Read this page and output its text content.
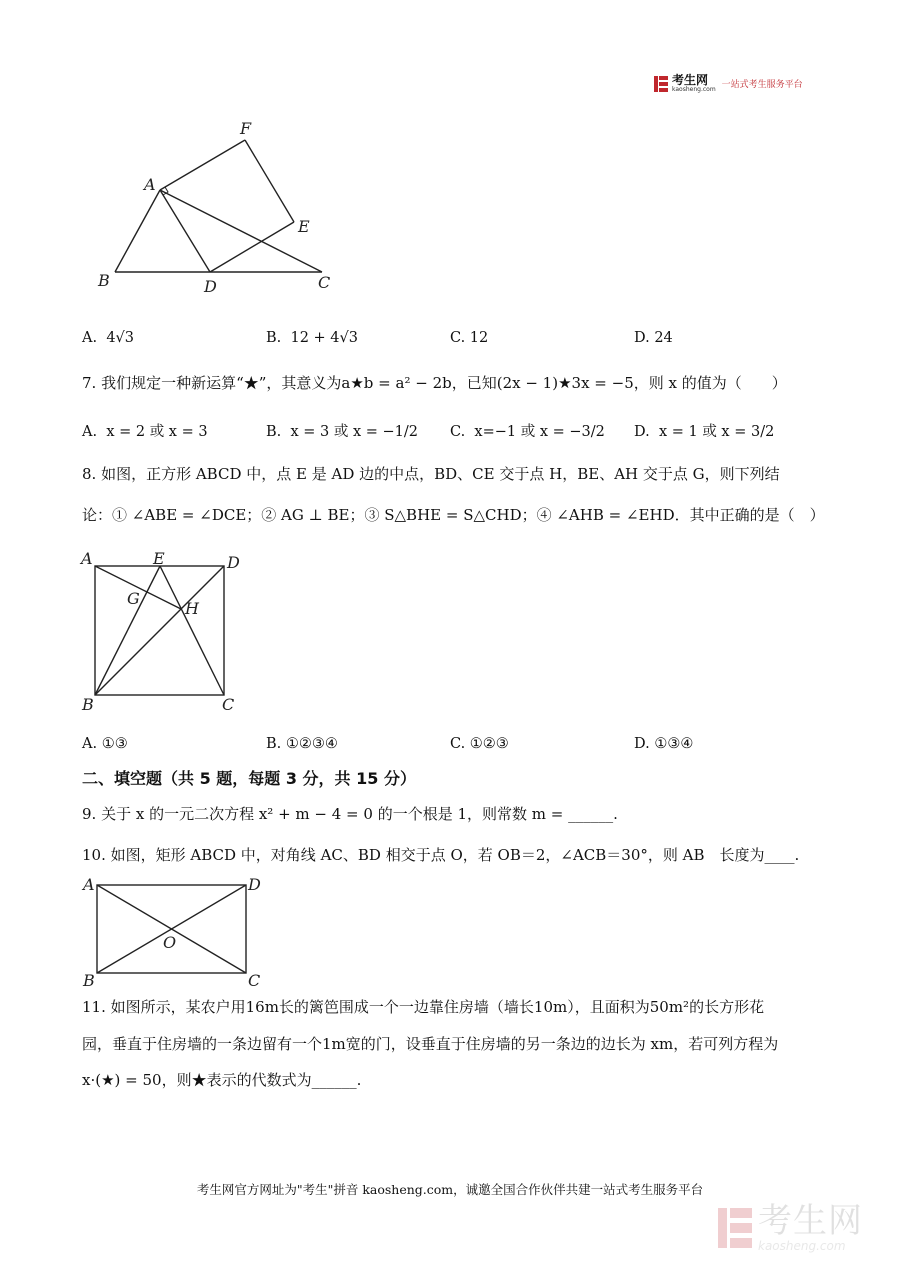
考生网
kaosheng.com 一站式考生服务平台
F
A
E
B	D	C
A. 4√3	B. 12 + 4√3	C. 12	D. 24
7. 我们规定一种新运算“★”，其意义为a★b = a² − 2b，已知(2x − 1)★3x = −5，则 x 的值为（　　）
A. x = 2 或 x = 3	B. x = 3 或 x = −1/2 C. x=−1 或 x = −3/2 D. x = 1 或 x = 3/2
8. 如图，正方形 ABCD 中，点 E 是 AD 边的中点，BD、CE 交于点 H，BE、AH 交于点 G，则下列结
论：① ∠ABE = ∠DCE；② AG ⊥ BE；③ S△BHE = S△CHD；④ ∠AHB = ∠EHD．其中正确的是（　）
A	E	D
G
H
B	C
A. ①③	B. ①②③④	C. ①②③	D. ①③④
二、填空题（共 5 题，每题 3 分，共 15 分）
9. 关于 x 的一元二次方程 x² + m − 4 = 0 的一个根是 1，则常数 m = ______.
10. 如图，矩形 ABCD 中，对角线 AC、BD 相交于点 O，若 OB＝2，∠ACB＝30°，则 AB　长度为____.
A	D
O
B	C
11. 如图所示，某农户用16m长的篱笆围成一个一边靠住房墙（墙长10m），且面积为50m²的长方形花
园，垂直于住房墙的一条边留有一个1m宽的门，设垂直于住房墙的另一条边的边长为 xm，若可列方程为
x·(★) = 50，则★表示的代数式为______.
考生网官方网址为"考生"拼音 kaosheng.com，诚邀全国合作伙伴共建一站式考生服务平台
考生网
kaosheng.com
